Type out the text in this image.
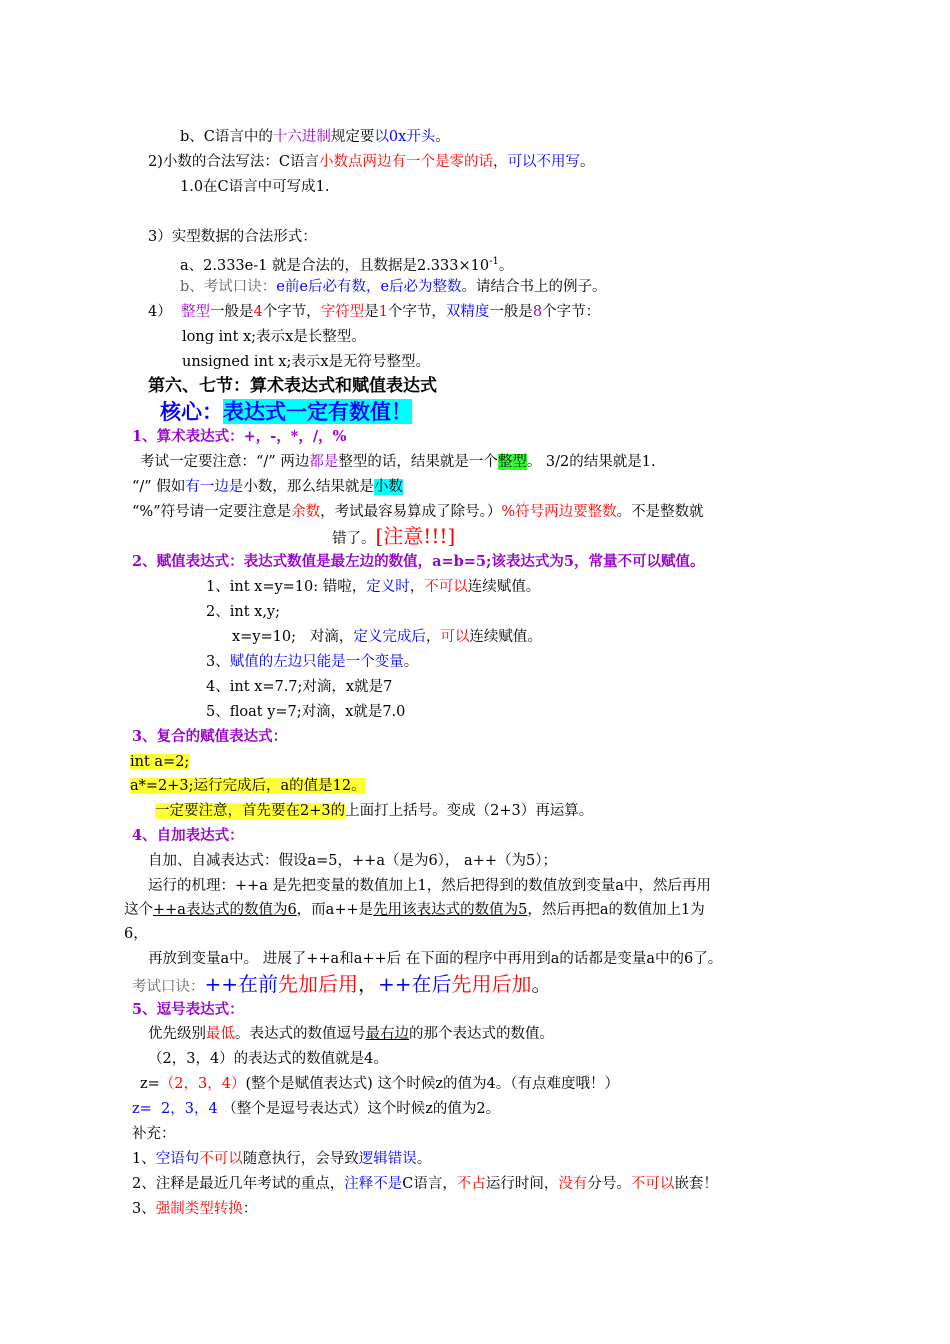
b、C语言中的十六进制规定要以0x开头。
2)小数的合法写法：C语言小数点两边有一个是零的话，可以不用写。
1.0在C语言中可写成1.
3）实型数据的合法形式：
a、2.333e-1 就是合法的，且数据是$2.333\times 10^{-1}$。
b、考试口诀：e前e后必有数，e后必为整数。请结合书上的例子。
4） 整型一般是4个字节，字符型是1个字节，双精度一般是8个字节：
long int x;表示x是长整型。
unsigned int x;表示x是无符号整型。
第六、七节：算术表达式和赋值表达式
核心：表达式一定有数值！
1、算术表达式：+，-，*，/，%
考试一定要注意：“/” 两边都是整型的话，结果就是一个整型。 3/2的结果就是1.
“/” 假如有一边是小数，那么结果就是小数
“%”符号请一定要注意是余数，考试最容易算成了除号。）%符号两边要整数。不是整数就
错了。[注意!!!]
2、赋值表达式：表达式数值是最左边的数值，a=b=5;该表达式为5，常量不可以赋值。
1、int x=y=10: 错啦，定义时，不可以连续赋值。
2、int x,y;
x=y=10;   对滴，定义完成后，可以连续赋值。
3、赋值的左边只能是一个变量。
4、int x=7.7;对滴，x就是7
5、float y=7;对滴，x就是7.0
3、复合的赋值表达式：
int a=2;
a*=2+3;运行完成后，a的值是12。
一定要注意，首先要在2+3的上面打上括号。变成（2+3）再运算。
4、自加表达式：
自加、自减表达式：假设a=5，++a（是为6）， a++（为5）；
运行的机理：++a 是先把变量的数值加上1，然后把得到的数值放到变量a中，然后再用
这个++a表达式的数值为6，而a++是先用该表达式的数值为5，然后再把a的数值加上1为
6，
再放到变量a中。 进展了++a和a++后 在下面的程序中再用到a的话都是变量a中的6了。
考试口诀：++在前先加后用，++在后先用后加。
5、逗号表达式：
优先级别最低。表达式的数值逗号最右边的那个表达式的数值。
（2，3，4）的表达式的数值就是4。
z=（2，3，4）(整个是赋值表达式) 这个时候z的值为4。（有点难度哦！）
z=  2，3，4 （整个是逗号表达式）这个时候z的值为2。
补充：
1、空语句不可以随意执行，会导致逻辑错误。
2、注释是最近几年考试的重点，注释不是C语言，不占运行时间，没有分号。不可以嵌套！
3、强制类型转换：
